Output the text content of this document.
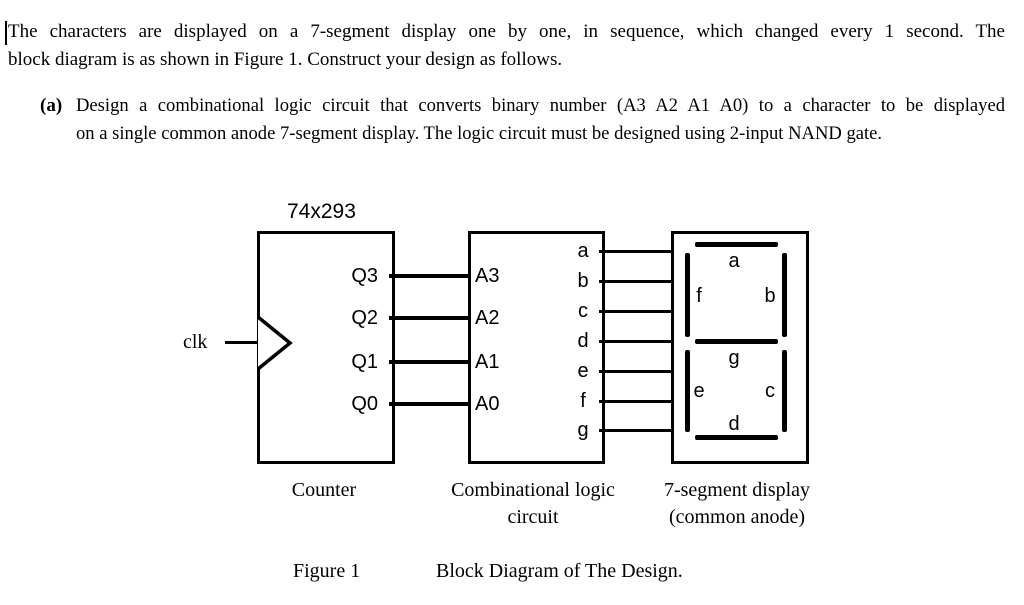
The characters are displayed on a 7-segment display one by one, in sequence, which changed every 1 second. The
block diagram is as shown in Figure 1. Construct your design as follows.
(a) Design a combinational logic circuit that converts binary number (A3 A2 A1 A0) to a character to be displayed
on a single common anode 7-segment display. The logic circuit must be designed using 2-input NAND gate.
74x293
clk
Q3
Q2
Q1
Q0
A3
A2
A1
A0
a
b
c
d
e
f
g
a
f	b
g
e	c
d
Counter	Combinational logic
circuit
7-segment display
(common anode)
Figure 1	Block Diagram of The Design.
